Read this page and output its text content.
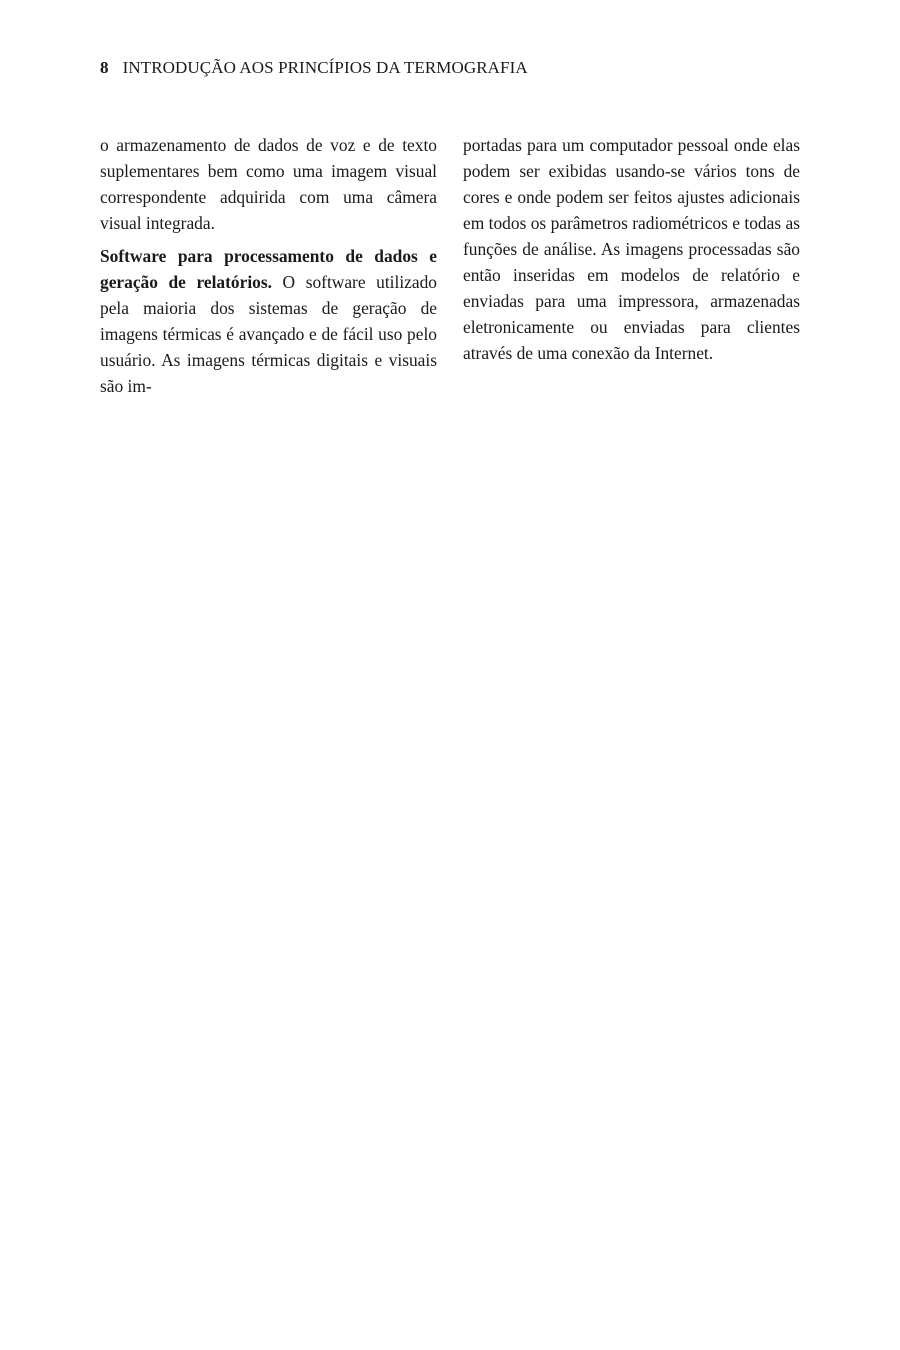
8 INTRODUÇÃO AOS PRINCÍPIOS DA TERMOGRAFIA

o armazenamento de dados de voz e de texto suplementares bem como uma imagem visual correspondente adquirida com uma câmera visual integrada.

Software para processamento de dados e geração de relatórios. O software utilizado pela maioria dos sistemas de geração de imagens térmicas é avançado e de fácil uso pelo usuário. As imagens térmicas digitais e visuais são im-

portadas para um computador pessoal onde elas podem ser exibidas usando-se vários tons de cores e onde podem ser feitos ajustes adicionais em todos os parâmetros radiométricos e todas as funções de análise. As imagens processadas são então inseridas em modelos de relatório e enviadas para uma impressora, armazenadas eletronicamente ou enviadas para clientes através de uma conexão da Internet.
